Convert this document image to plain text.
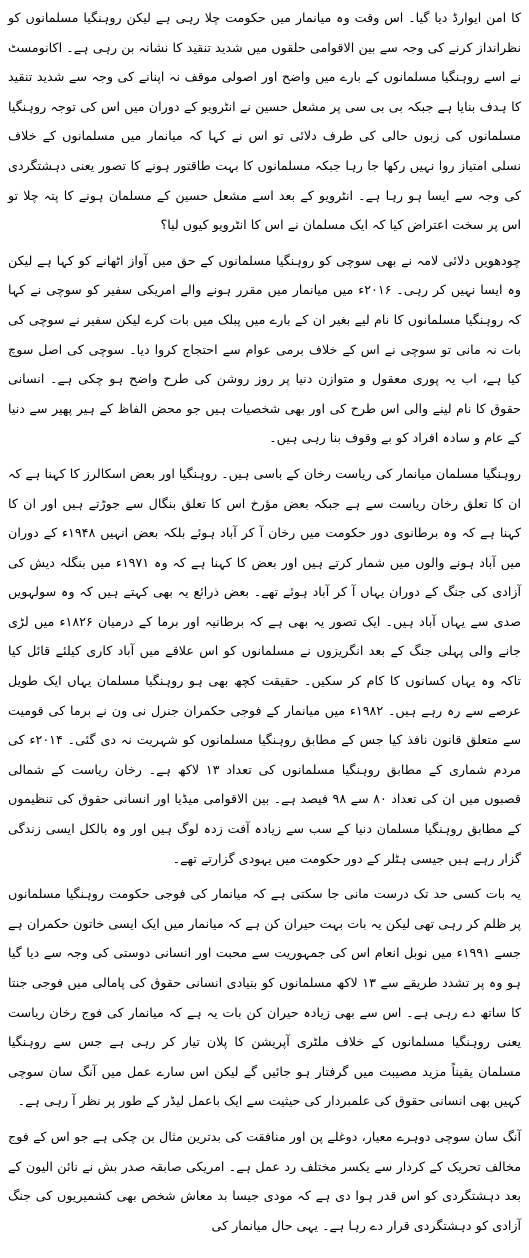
کا امن ایوارڈ دیا گیا۔ اس وقت وہ میانمار میں حکومت چلا رہی ہے لیکن روہنگیا مسلمانوں کو نظرانداز کرنے کی وجہ سے بین الاقوامی حلقوں میں شدید تنقید کا نشانہ بن رہی ہے۔ اکانومسٹ نے اسے روہنگیا مسلمانوں کے بارے میں واضح اور اصولی موقف نہ اپنانے کی وجہ سے شدید تنقید کا ہدف بنایا ہے جبکہ بی بی سی پر مشعل حسین نے انٹرویو کے دوران میں اس کی توجہ روہنگیا مسلمانوں کی زبوں حالی کی طرف دلائی تو اس نے کہا کہ میانمار میں مسلمانوں کے خلاف نسلی امتیاز روا نہیں رکھا جا رہا جبکہ مسلمانوں کا بہت طاقتور ہونے کا تصور یعنی دہشتگردی کی وجہ سے ایسا ہو رہا ہے۔ انٹرویو کے بعد اسے مشعل حسین کے مسلمان ہونے کا پتہ چلا تو اس پر سخت اعتراض کیا کہ ایک مسلمان نے اس کا انٹرویو کیوں لیا؟

چودھویں دلائی لامہ نے بھی سوچی کو روہنگیا مسلمانوں کے حق میں آواز اٹھانے کو کہا ہے لیکن وہ ایسا نہیں کر رہی۔ ۲۰۱۶ء میں میانمار میں مقرر ہونے والے امریکی سفیر کو سوچی نے کہا کہ روہنگیا مسلمانوں کا نام لیے بغیر ان کے بارے میں پبلک میں بات کرے لیکن سفیر نے سوچی کی بات نہ مانی تو سوچی نے اس کے خلاف برمی عوام سے احتجاج کروا دیا۔ سوچی کی اصل سوچ کیا ہے، اب یہ پوری معقول و متوازن دنیا پر روز روشن کی طرح واضح ہو چکی ہے۔ انسانی حقوق کا نام لینے والی اس طرح کی اور بھی شخصیات ہیں جو محض الفاظ کے ہیر پھیر سے دنیا کے عام و سادہ افراد کو بے وقوف بنا رہی ہیں۔

روہنگیا مسلمان میانمار کی ریاست رخان کے باسی ہیں۔ روہنگیا اور بعض اسکالرز کا کہنا ہے کہ ان کا تعلق رخان ریاست سے ہے جبکہ بعض مؤرخ اس کا تعلق بنگال سے جوڑتے ہیں اور ان کا کہنا ہے کہ وہ برطانوی دور حکومت میں رخان آ کر آباد ہوئے بلکہ بعض انہیں ۱۹۴۸ء کے دوران میں آباد ہونے والوں میں شمار کرتے ہیں اور بعض کا کہنا ہے کہ وہ ۱۹۷۱ء میں بنگلہ دیش کی آزادی کی جنگ کے دوران یہاں آ کر آباد ہوئے تھے۔ بعض ذرائع یہ بھی کہتے ہیں کہ وہ سولہویں صدی سے یہاں آباد ہیں۔ ایک تصور یہ بھی ہے کہ برطانیہ اور برما کے درمیان ۱۸۲۶ء میں لڑی جانے والی پہلی جنگ کے بعد انگریزوں نے مسلمانوں کو اس علاقے میں آباد کاری کیلئے قائل کیا تاکہ وہ یہاں کسانوں کا کام کر سکیں۔ حقیقت کچھ بھی ہو روہنگیا مسلمان یہاں ایک طویل عرصے سے رہ رہے ہیں۔ ۱۹۸۲ء میں میانمار کے فوجی حکمران جنرل نی ون نے برما کی قومیت سے متعلق قانون نافذ کیا جس کے مطابق روہنگیا مسلمانوں کو شہریت نہ دی گئی۔ ۲۰۱۴ء کی مردم شماری کے مطابق روہنگیا مسلمانوں کی تعداد ۱۳ لاکھ ہے۔ رخان ریاست کے شمالی قصبوں میں ان کی تعداد ۸۰ سے ۹۸ فیصد ہے۔ بین الاقوامی میڈیا اور انسانی حقوق کی تنظیموں کے مطابق روہنگیا مسلمان دنیا کے سب سے زیادہ آفت زدہ لوگ ہیں اور وہ بالکل ایسی زندگی گزار رہے ہیں جیسی ہٹلر کے دور حکومت میں یہودی گزارتے تھے۔

یہ بات کسی حد تک درست مانی جا سکتی ہے کہ میانمار کی فوجی حکومت روہنگیا مسلمانوں پر ظلم کر رہی تھی لیکن یہ بات بہت حیران کن ہے کہ میانمار میں ایک ایسی خاتون حکمران ہے جسے ۱۹۹۱ء میں نوبل انعام اس کی جمہوریت سے محبت اور انسانی دوستی کی وجہ سے دیا گیا ہو وہ پر تشدد طریقے سے ۱۳ لاکھ مسلمانوں کو بنیادی انسانی حقوق کی پامالی میں فوجی جنتا کا ساتھ دے رہی ہے۔ اس سے بھی زیادہ حیران کن بات یہ ہے کہ میانمار کی فوج رخان ریاست یعنی روہنگیا مسلمانوں کے خلاف ملٹری آپریشن کا پلان تیار کر رہی ہے جس سے روہنگیا مسلمان یقیناً مزید مصیبت میں گرفتار ہو جائیں گے لیکن اس سارے عمل میں آنگ سان سوچی کہیں بھی انسانی حقوق کی علمبردار کی حیثیت سے ایک باعمل لیڈر کے طور پر نظر آ رہی ہے۔

آنگ سان سوچی دوہرے معیار، دوغلے پن اور منافقت کی بدترین مثال بن چکی ہے جو اس کے فوج مخالف تحریک کے کردار سے یکسر مختلف رد عمل ہے۔ امریکی صابقہ صدر بش نے نائن الیون کے بعد دہشتگردی کو اس قدر ہوا دی ہے کہ مودی جیسا بد معاش شخص بھی کشمیریوں کی جنگ آزادی کو دہشتگردی قرار دے رہا ہے۔ یہی حال میانمار کی
